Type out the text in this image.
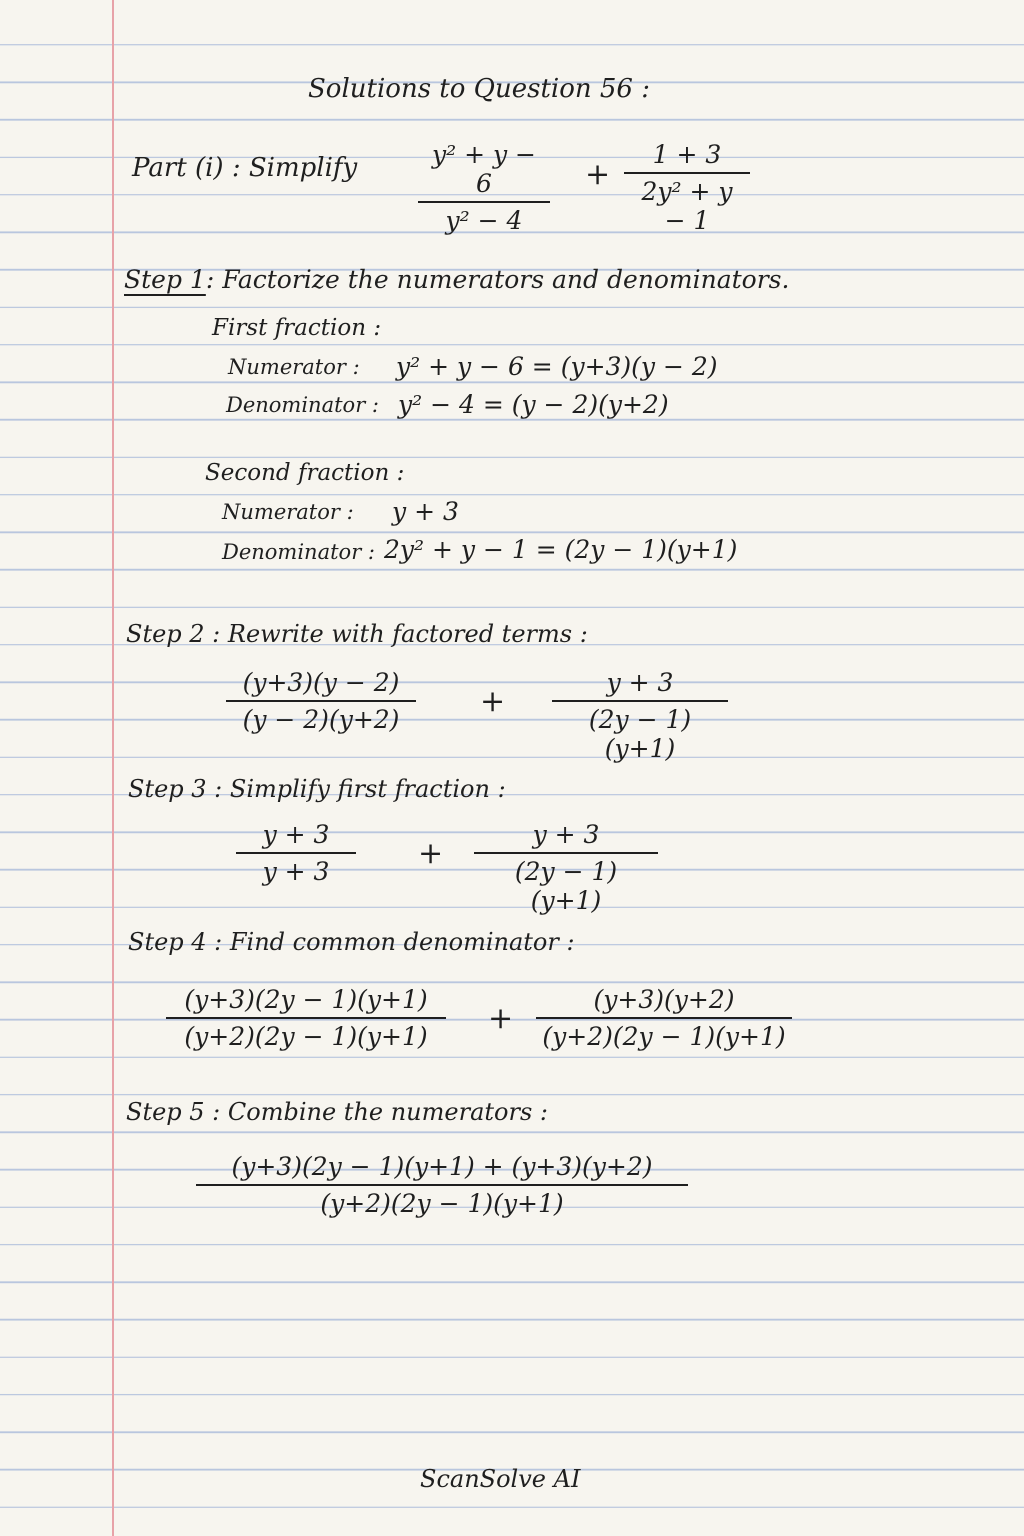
Solutions to Question 56 :
Part (i) : Simplify $\frac{\text{y² + y − 6}}{\text{y² − 4}} + \frac{1 + 3}{\text{2y² + y − 1}}$
Step 1: Factorize the numerators and denominators.
First fraction :
Numerator : y² + y − 6 = (y+3)(y − 2)
Denominator : y² − 4 = (y − 2)(y+2)
Second fraction :
Numerator : y + 3
Denominator : 2y² + y − 1 = (2y − 1)(y+1)
Step 2 : Rewrite with factored terms :
$\frac{(y+3)(y - 2)}{(y - 2)(y+2)} + \frac{y + 3}{(2y - 1)(y+1)}$
Step 3 : Simplify first fraction :
$\frac{y + 3}{y + 3} + \frac{y + 3}{(2y - 1)(y+1)}$
Step 4 : Find common denominator :
$\frac{(y+3)(2y - 1)(y+1)}{(y+2)(2y - 1)(y+1)} + \frac{(y+3)(y+2)}{(y+2)(2y - 1)(y+1)}$
Step 5 : Combine the numerators :
$\frac{(y+3)(2y - 1)(y+1) + (y+3)(y+2)}{(y+2)(2y - 1)(y+1)}$
ScanSolve AI
